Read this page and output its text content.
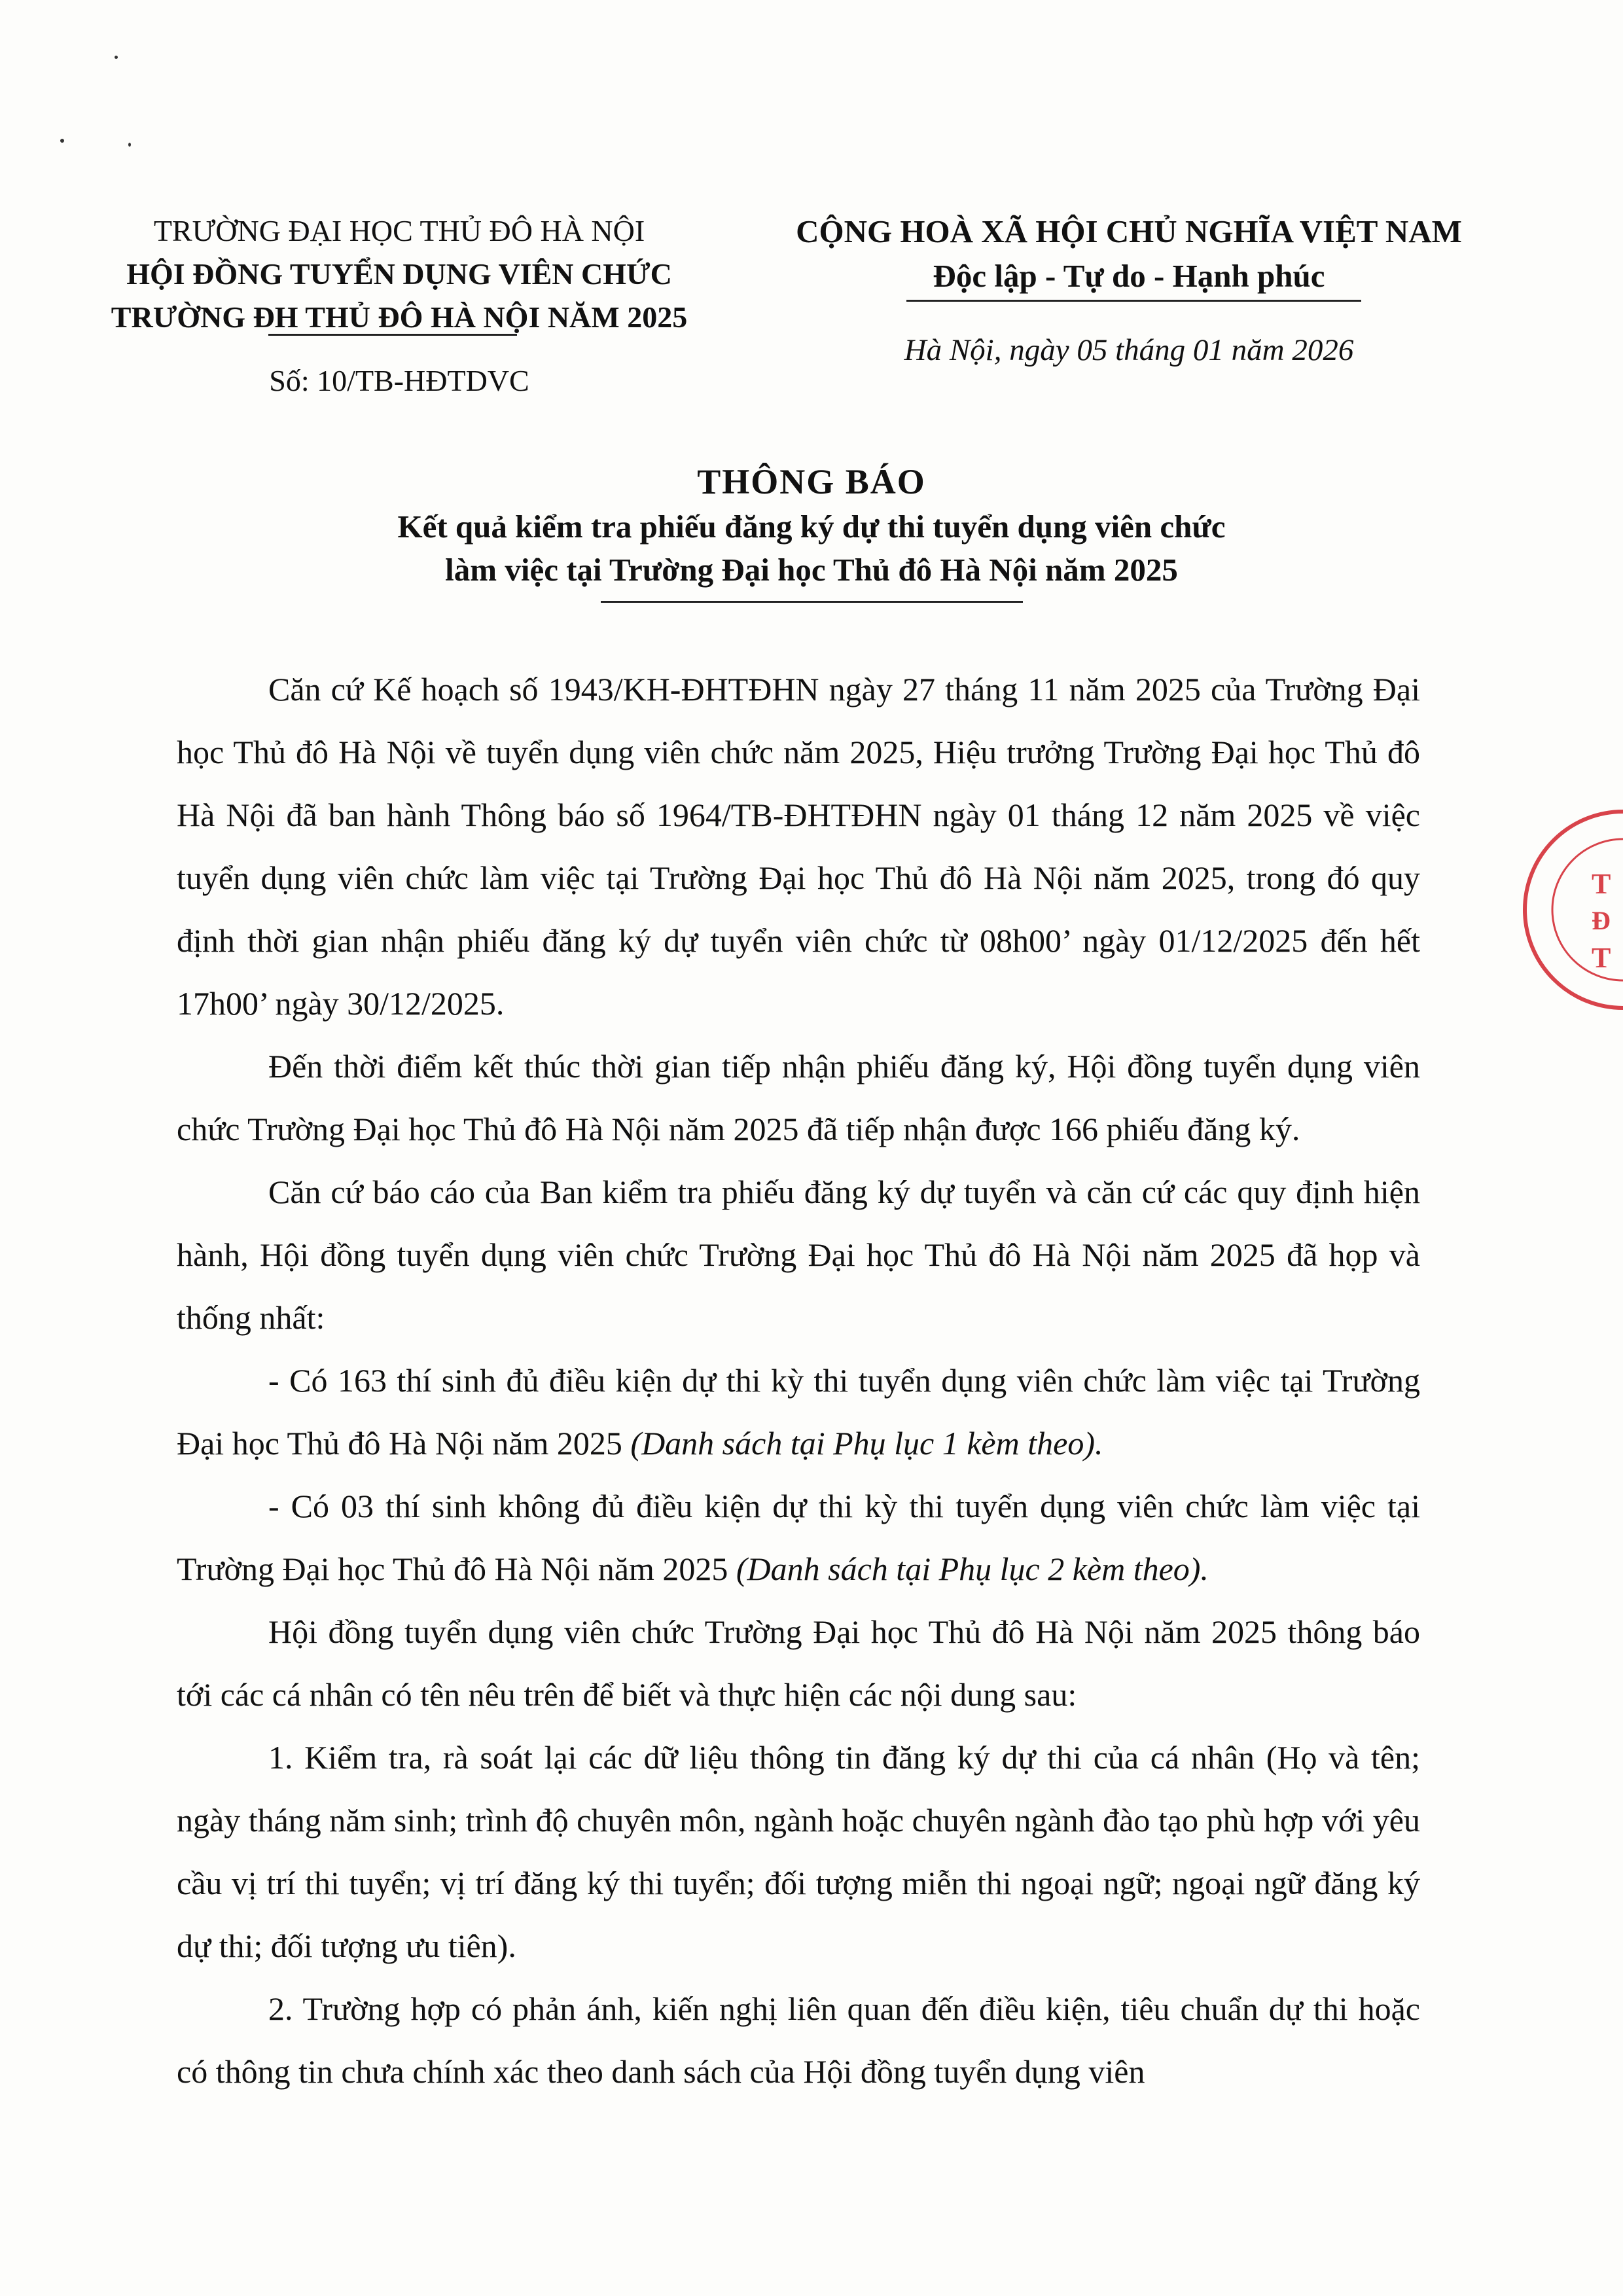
TRƯỜNG ĐẠI HỌC THỦ ĐÔ HÀ NỘI
HỘI ĐỒNG TUYỂN DỤNG VIÊN CHỨC
TRƯỜNG ĐH THỦ ĐÔ HÀ NỘI NĂM 2025
Số: 10/TB-HĐTDVC
CỘNG HOÀ XÃ HỘI CHỦ NGHĨA VIỆT NAM
Độc lập - Tự do - Hạnh phúc
Hà Nội, ngày 05 tháng 01 năm 2026
THÔNG BÁO
Kết quả kiểm tra phiếu đăng ký dự thi tuyển dụng viên chức
làm việc tại Trường Đại học Thủ đô Hà Nội năm 2025

Căn cứ Kế hoạch số 1943/KH-ĐHTĐHN ngày 27 tháng 11 năm 2025 của Trường Đại học Thủ đô Hà Nội về tuyển dụng viên chức năm 2025, Hiệu trưởng Trường Đại học Thủ đô Hà Nội đã ban hành Thông báo số 1964/TB-ĐHTĐHN ngày 01 tháng 12 năm 2025 về việc tuyển dụng viên chức làm việc tại Trường Đại học Thủ đô Hà Nội năm 2025, trong đó quy định thời gian nhận phiếu đăng ký dự tuyển viên chức từ 08h00’ ngày 01/12/2025 đến hết 17h00’ ngày 30/12/2025.

Đến thời điểm kết thúc thời gian tiếp nhận phiếu đăng ký, Hội đồng tuyển dụng viên chức Trường Đại học Thủ đô Hà Nội năm 2025 đã tiếp nhận được 166 phiếu đăng ký.

Căn cứ báo cáo của Ban kiểm tra phiếu đăng ký dự tuyển và căn cứ các quy định hiện hành, Hội đồng tuyển dụng viên chức Trường Đại học Thủ đô Hà Nội năm 2025 đã họp và thống nhất:

- Có 163 thí sinh đủ điều kiện dự thi kỳ thi tuyển dụng viên chức làm việc tại Trường Đại học Thủ đô Hà Nội năm 2025 (Danh sách tại Phụ lục 1 kèm theo).

- Có 03 thí sinh không đủ điều kiện dự thi kỳ thi tuyển dụng viên chức làm việc tại Trường Đại học Thủ đô Hà Nội năm 2025 (Danh sách tại Phụ lục 2 kèm theo).

Hội đồng tuyển dụng viên chức Trường Đại học Thủ đô Hà Nội năm 2025 thông báo tới các cá nhân có tên nêu trên để biết và thực hiện các nội dung sau:

1. Kiểm tra, rà soát lại các dữ liệu thông tin đăng ký dự thi của cá nhân (Họ và tên; ngày tháng năm sinh; trình độ chuyên môn, ngành hoặc chuyên ngành đào tạo phù hợp với yêu cầu vị trí thi tuyển; vị trí đăng ký thi tuyển; đối tượng miễn thi ngoại ngữ; ngoại ngữ đăng ký dự thi; đối tượng ưu tiên).

2. Trường hợp có phản ánh, kiến nghị liên quan đến điều kiện, tiêu chuẩn dự thi hoặc có thông tin chưa chính xác theo danh sách của Hội đồng tuyển dụng viên

T
Đ
T
